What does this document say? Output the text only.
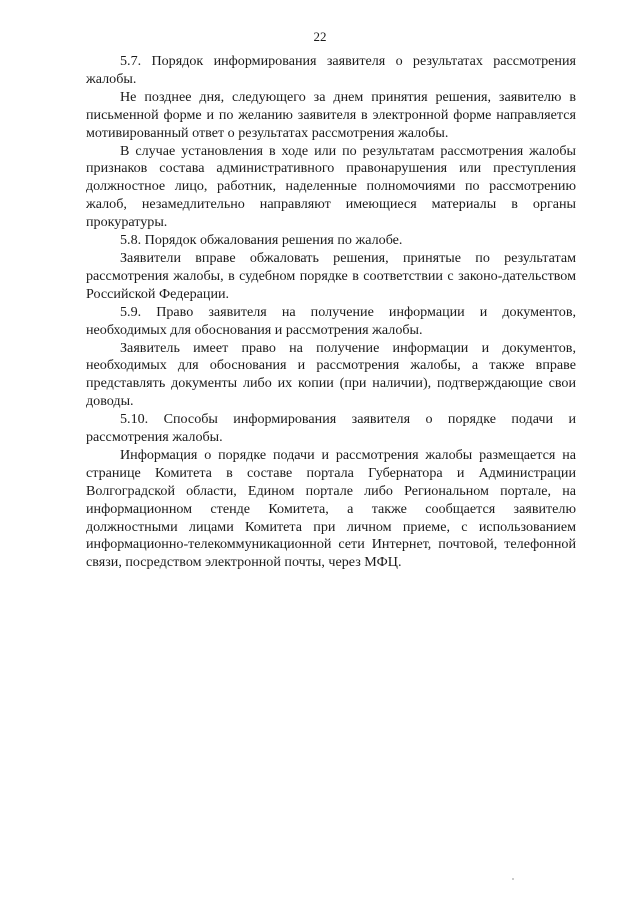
22

5.7. Порядок информирования заявителя о результатах рассмотрения жалобы.

Не позднее дня, следующего за днем принятия решения, заявителю в письменной форме и по желанию заявителя в электронной форме направляется мотивированный ответ о результатах рассмотрения жалобы.

В случае установления в ходе или по результатам рассмотрения жалобы признаков состава административного правонарушения или преступления должностное лицо, работник, наделенные полномочиями по рассмотрению жалоб, незамедлительно направляют имеющиеся материалы в органы прокуратуры.

5.8. Порядок обжалования решения по жалобе.

Заявители вправе обжаловать решения, принятые по результатам рассмотрения жалобы, в судебном порядке в соответствии с законо-дательством Российской Федерации.

5.9. Право заявителя на получение информации и документов, необходимых для обоснования и рассмотрения жалобы.

Заявитель имеет право на получение информации и документов, необходимых для обоснования и рассмотрения жалобы, а также вправе представлять документы либо их копии (при наличии), подтверждающие свои доводы.

5.10. Способы информирования заявителя о порядке подачи и рассмотрения жалобы.

Информация о порядке подачи и рассмотрения жалобы размещается на странице Комитета в составе портала Губернатора и Администрации Волгоградской области, Едином портале либо Региональном портале, на информационном стенде Комитета, а также сообщается заявителю должностными лицами Комитета при личном приеме, с использованием информационно-телекоммуникационной сети Интернет, почтовой, телефонной связи, посредством электронной почты, через МФЦ.
